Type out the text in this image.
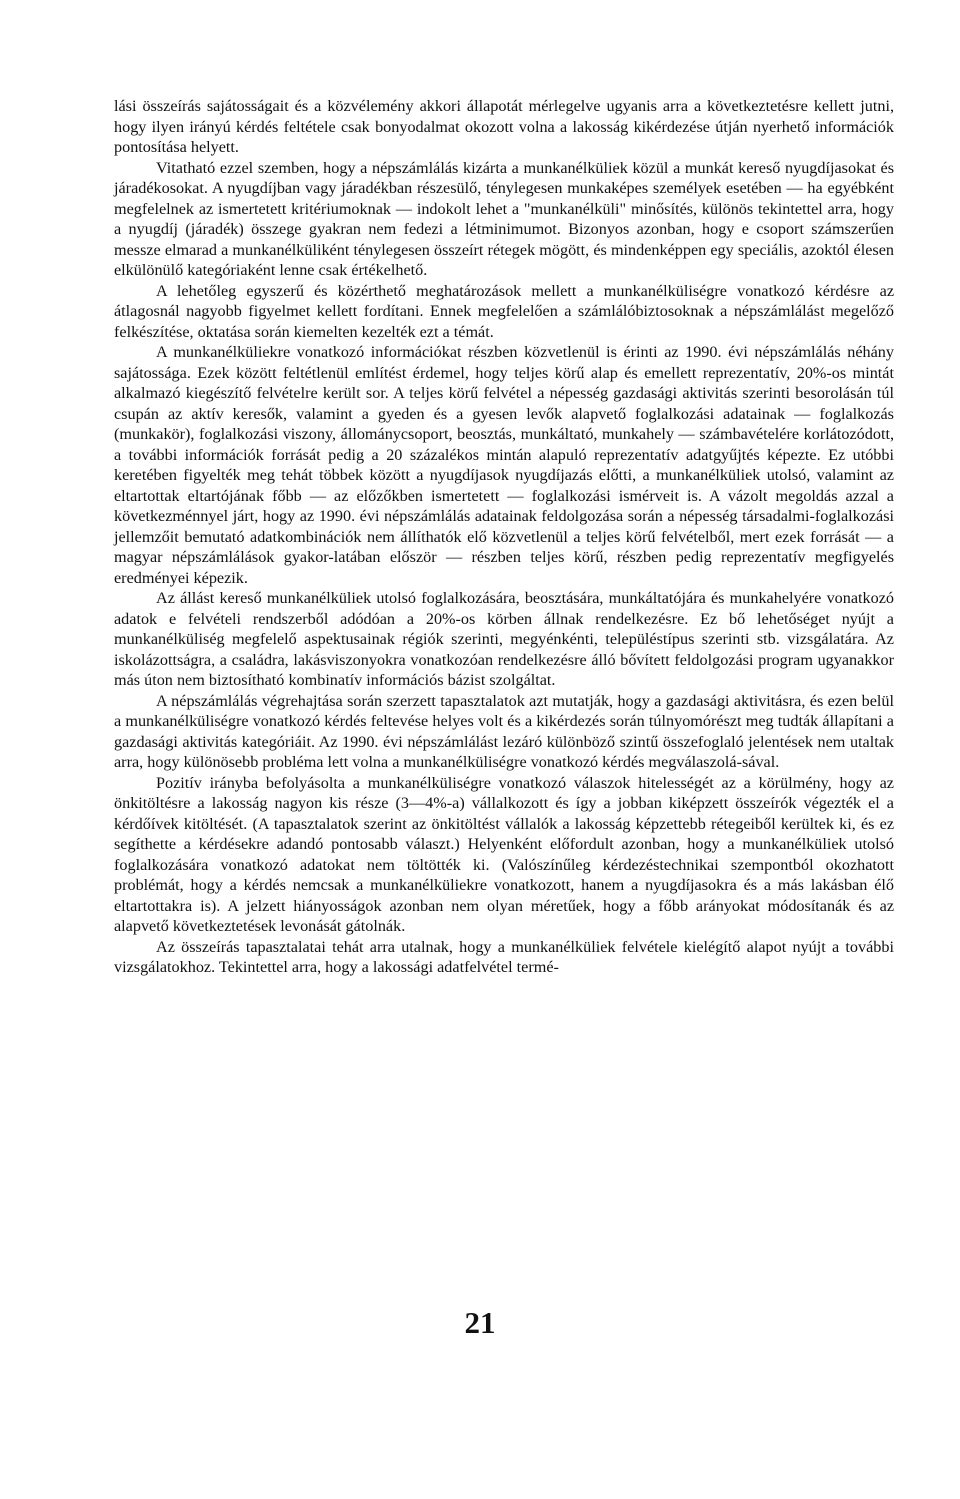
lási összeírás sajátosságait és a közvélemény akkori állapotát mérlegelve ugyanis arra a következtetésre kellett jutni, hogy ilyen irányú kérdés feltétele csak bonyodalmat okozott volna a lakosság kikérdezése útján nyerhető információk pontosítása helyett.

Vitatható ezzel szemben, hogy a népszámlálás kizárta a munkanélküliek közül a munkát kereső nyugdíjasokat és járadékosokat. A nyugdíjban vagy járadékban részesülő, ténylegesen munkaképes személyek esetében — ha egyébként megfelelnek az ismertetett kritériumoknak — indokolt lehet a "munkanélküli" minősítés, különös tekintettel arra, hogy a nyugdíj (járadék) összege gyakran nem fedezi a létminimumot. Bizonyos azonban, hogy e csoport számszerűen messze elmarad a munkanélküliként ténylegesen összeírt rétegek mögött, és mindenképpen egy speciális, azoktól élesen elkülönülő kategóriaként lenne csak értékelhető.

A lehetőleg egyszerű és közérthető meghatározások mellett a munkanélküliségre vonatkozó kérdésre az átlagosnál nagyobb figyelmet kellett fordítani. Ennek megfelelően a számlálóbiztosoknak a népszámlálást megelőző felkészítése, oktatása során kiemelten kezelték ezt a témát.

A munkanélküliekre vonatkozó információkat részben közvetlenül is érinti az 1990. évi népszámlálás néhány sajátossága. Ezek között feltétlenül említést érdemel, hogy teljes körű alap és emellett reprezentatív, 20%-os mintát alkalmazó kiegészítő felvételre került sor. A teljes körű felvétel a népesség gazdasági aktivitás szerinti besorolásán túl csupán az aktív keresők, valamint a gyeden és a gyesen levők alapvető foglalkozási adatainak — foglalkozás (munkakör), foglalkozási viszony, állománycsoport, beosztás, munkáltató, munkahely — számbavételére korlátozódott, a további információk forrását pedig a 20 százalékos mintán alapuló reprezentatív adatgyűjtés képezte. Ez utóbbi keretében figyelték meg tehát többek között a nyugdíjasok nyugdíjazás előtti, a munkanélküliek utolsó, valamint az eltartottak eltartójának főbb — az előzőkben ismertetett — foglalkozási ismérveit is. A vázolt megoldás azzal a következménnyel járt, hogy az 1990. évi népszámlálás adatainak feldolgozása során a népesség társadalmi-foglalkozási jellemzőit bemutató adatkombinációk nem állíthatók elő közvetlenül a teljes körű felvételből, mert ezek forrását — a magyar népszámlálások gyakor-latában először — részben teljes körű, részben pedig reprezentatív megfigyelés eredményei képezik.

Az állást kereső munkanélküliek utolsó foglalkozására, beosztására, munkáltatójára és munkahelyére vonatkozó adatok e felvételi rendszerből adódóan a 20%-os körben állnak rendelkezésre. Ez bő lehetőséget nyújt a munkanélküliség megfelelő aspektusainak régiók szerinti, megyénkénti, településtípus szerinti stb. vizsgálatára. Az iskolázottságra, a családra, lakásviszonyokra vonatkozóan rendelkezésre álló bővített feldolgozási program ugyanakkor más úton nem biztosítható kombinatív információs bázist szolgáltat.

A népszámlálás végrehajtása során szerzett tapasztalatok azt mutatják, hogy a gazdasági aktivitásra, és ezen belül a munkanélküliségre vonatkozó kérdés feltevése helyes volt és a kikérdezés során túlnyomórészt meg tudták állapítani a gazdasági aktivitás kategóriáit. Az 1990. évi népszámlálást lezáró különböző szintű összefoglaló jelentések nem utaltak arra, hogy különösebb probléma lett volna a munkanélküliségre vonatkozó kérdés megválaszolá-sával.

Pozitív irányba befolyásolta a munkanélküliségre vonatkozó válaszok hitelességét az a körülmény, hogy az önkitöltésre a lakosság nagyon kis része (3—4%-a) vállalkozott és így a jobban kiképzett összeírók végezték el a kérdőívek kitöltését. (A tapasztalatok szerint az önkitöltést vállalók a lakosság képzettebb rétegeiből kerültek ki, és ez segíthette a kérdésekre adandó pontosabb választ.) Helyenként előfordult azonban, hogy a munkanélküliek utolsó foglalkozására vonatkozó adatokat nem töltötték ki. (Valószínűleg kérdezéstechnikai szempontból okozhatott problémát, hogy a kérdés nemcsak a munkanélküliekre vonatkozott, hanem a nyugdíjasokra és a más lakásban élő eltartottakra is). A jelzett hiányosságok azonban nem olyan méretűek, hogy a főbb arányokat módosítanák és az alapvető következtetések levonását gátolnák.

Az összeírás tapasztalatai tehát arra utalnak, hogy a munkanélküliek felvétele kielégítő alapot nyújt a további vizsgálatokhoz. Tekintettel arra, hogy a lakossági adatfelvétel termé-

21
